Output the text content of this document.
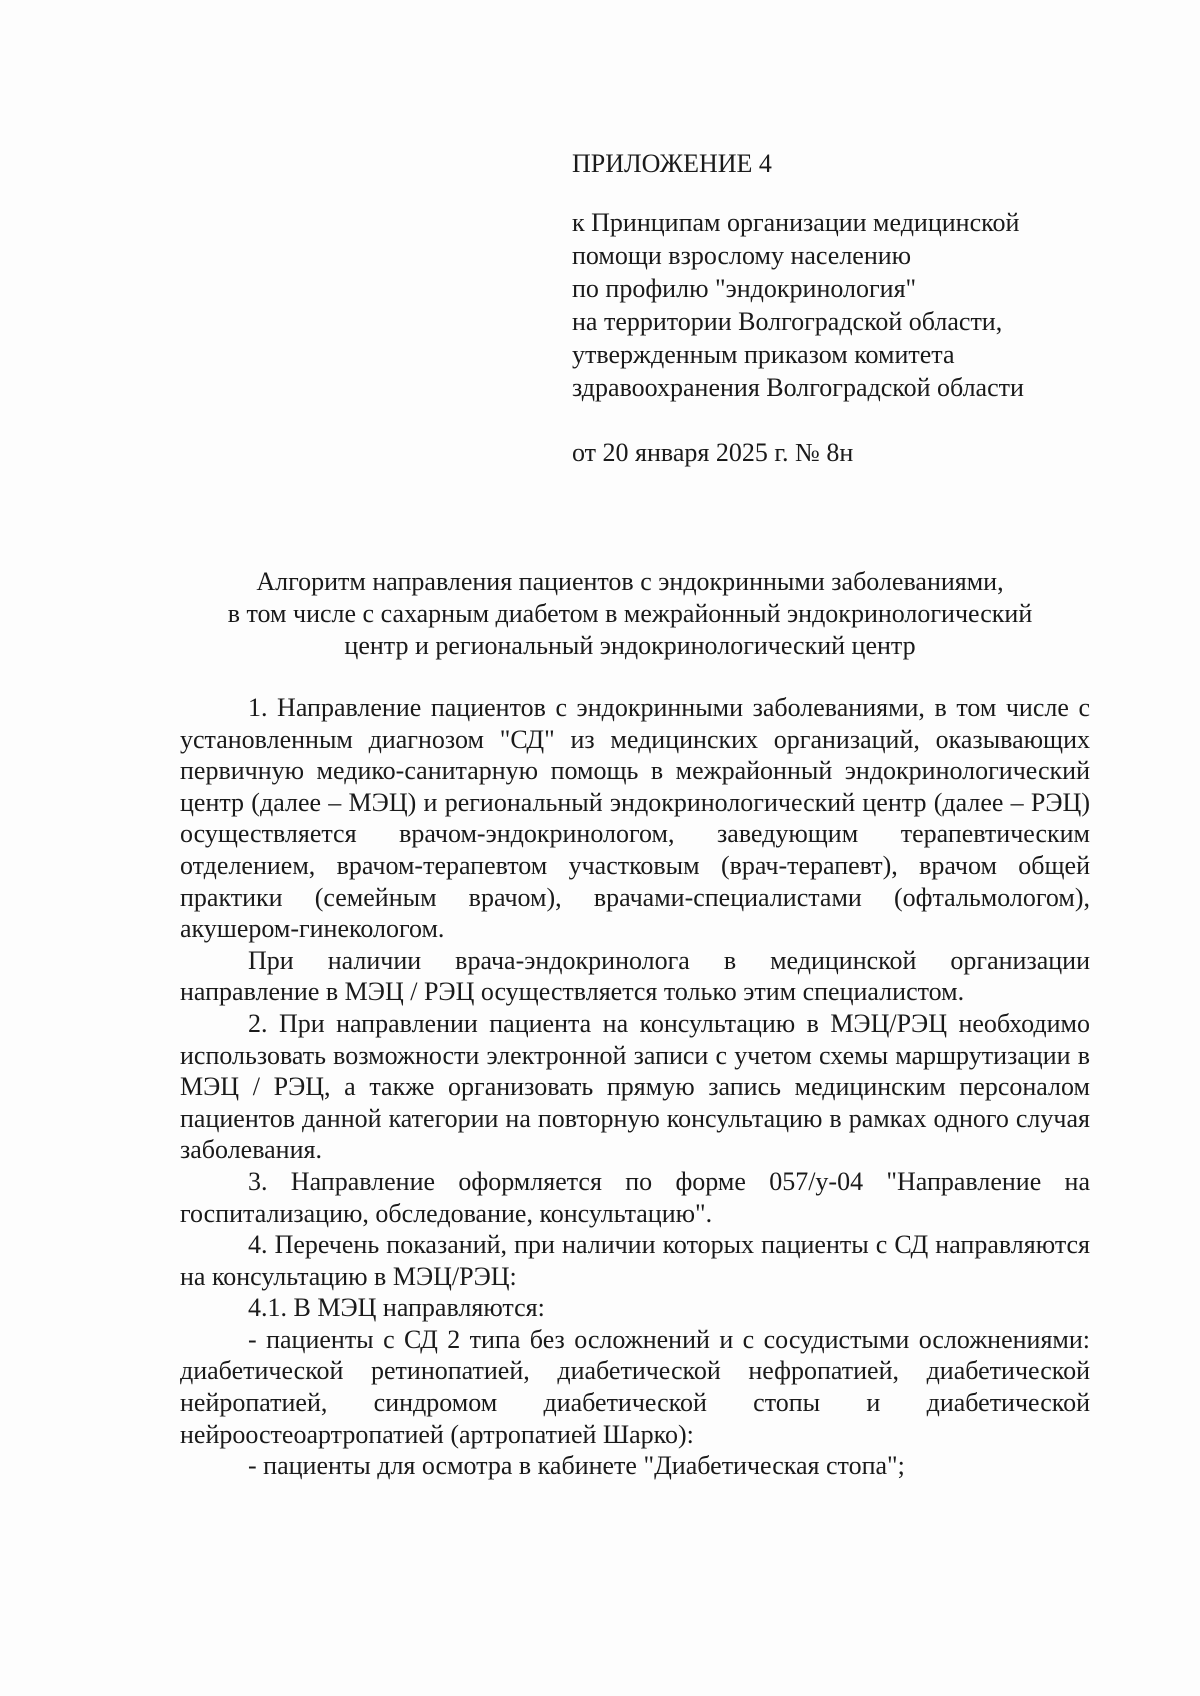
ПРИЛОЖЕНИЕ 4
к Принципам организации медицинской
помощи взрослому населению
по профилю "эндокринология"
на территории Волгоградской области,
утвержденным приказом комитета
здравоохранения Волгоградской области
от 20 января 2025 г. № 8н
Алгоритм направления пациентов с эндокринными заболеваниями,
в том числе с сахарным диабетом в межрайонный эндокринологический
центр и региональный эндокринологический центр

1. Направление пациентов с эндокринными заболеваниями, в том числе с установленным диагнозом "СД" из медицинских организаций, оказывающих первичную медико-санитарную помощь в межрайонный эндокринологический центр (далее – МЭЦ) и региональный эндокринологический центр (далее – РЭЦ) осуществляется врачом-эндокринологом, заведующим терапевтическим отделением, врачом-терапевтом участковым (врач-терапевт), врачом общей практики (семейным врачом), врачами-специалистами (офтальмологом), акушером-гинекологом.

При наличии врача-эндокринолога в медицинской организации направление в МЭЦ / РЭЦ осуществляется только этим специалистом.

2. При направлении пациента на консультацию в МЭЦ/РЭЦ необходимо использовать возможности электронной записи с учетом схемы маршрутизации в МЭЦ / РЭЦ, а также организовать прямую запись медицинским персоналом пациентов данной категории на повторную консультацию в рамках одного случая заболевания.

3. Направление оформляется по форме 057/у-04 "Направление на госпитализацию, обследование, консультацию".

4. Перечень показаний, при наличии которых пациенты с СД направляются на консультацию в МЭЦ/РЭЦ:

4.1. В МЭЦ направляются:

- пациенты с СД 2 типа без осложнений и с сосудистыми осложнениями: диабетической ретинопатией, диабетической нефропатией, диабетической нейропатией, синдромом диабетической стопы и диабетической нейроостеоартропатией (артропатией Шарко):

- пациенты для осмотра в кабинете "Диабетическая стопа";
